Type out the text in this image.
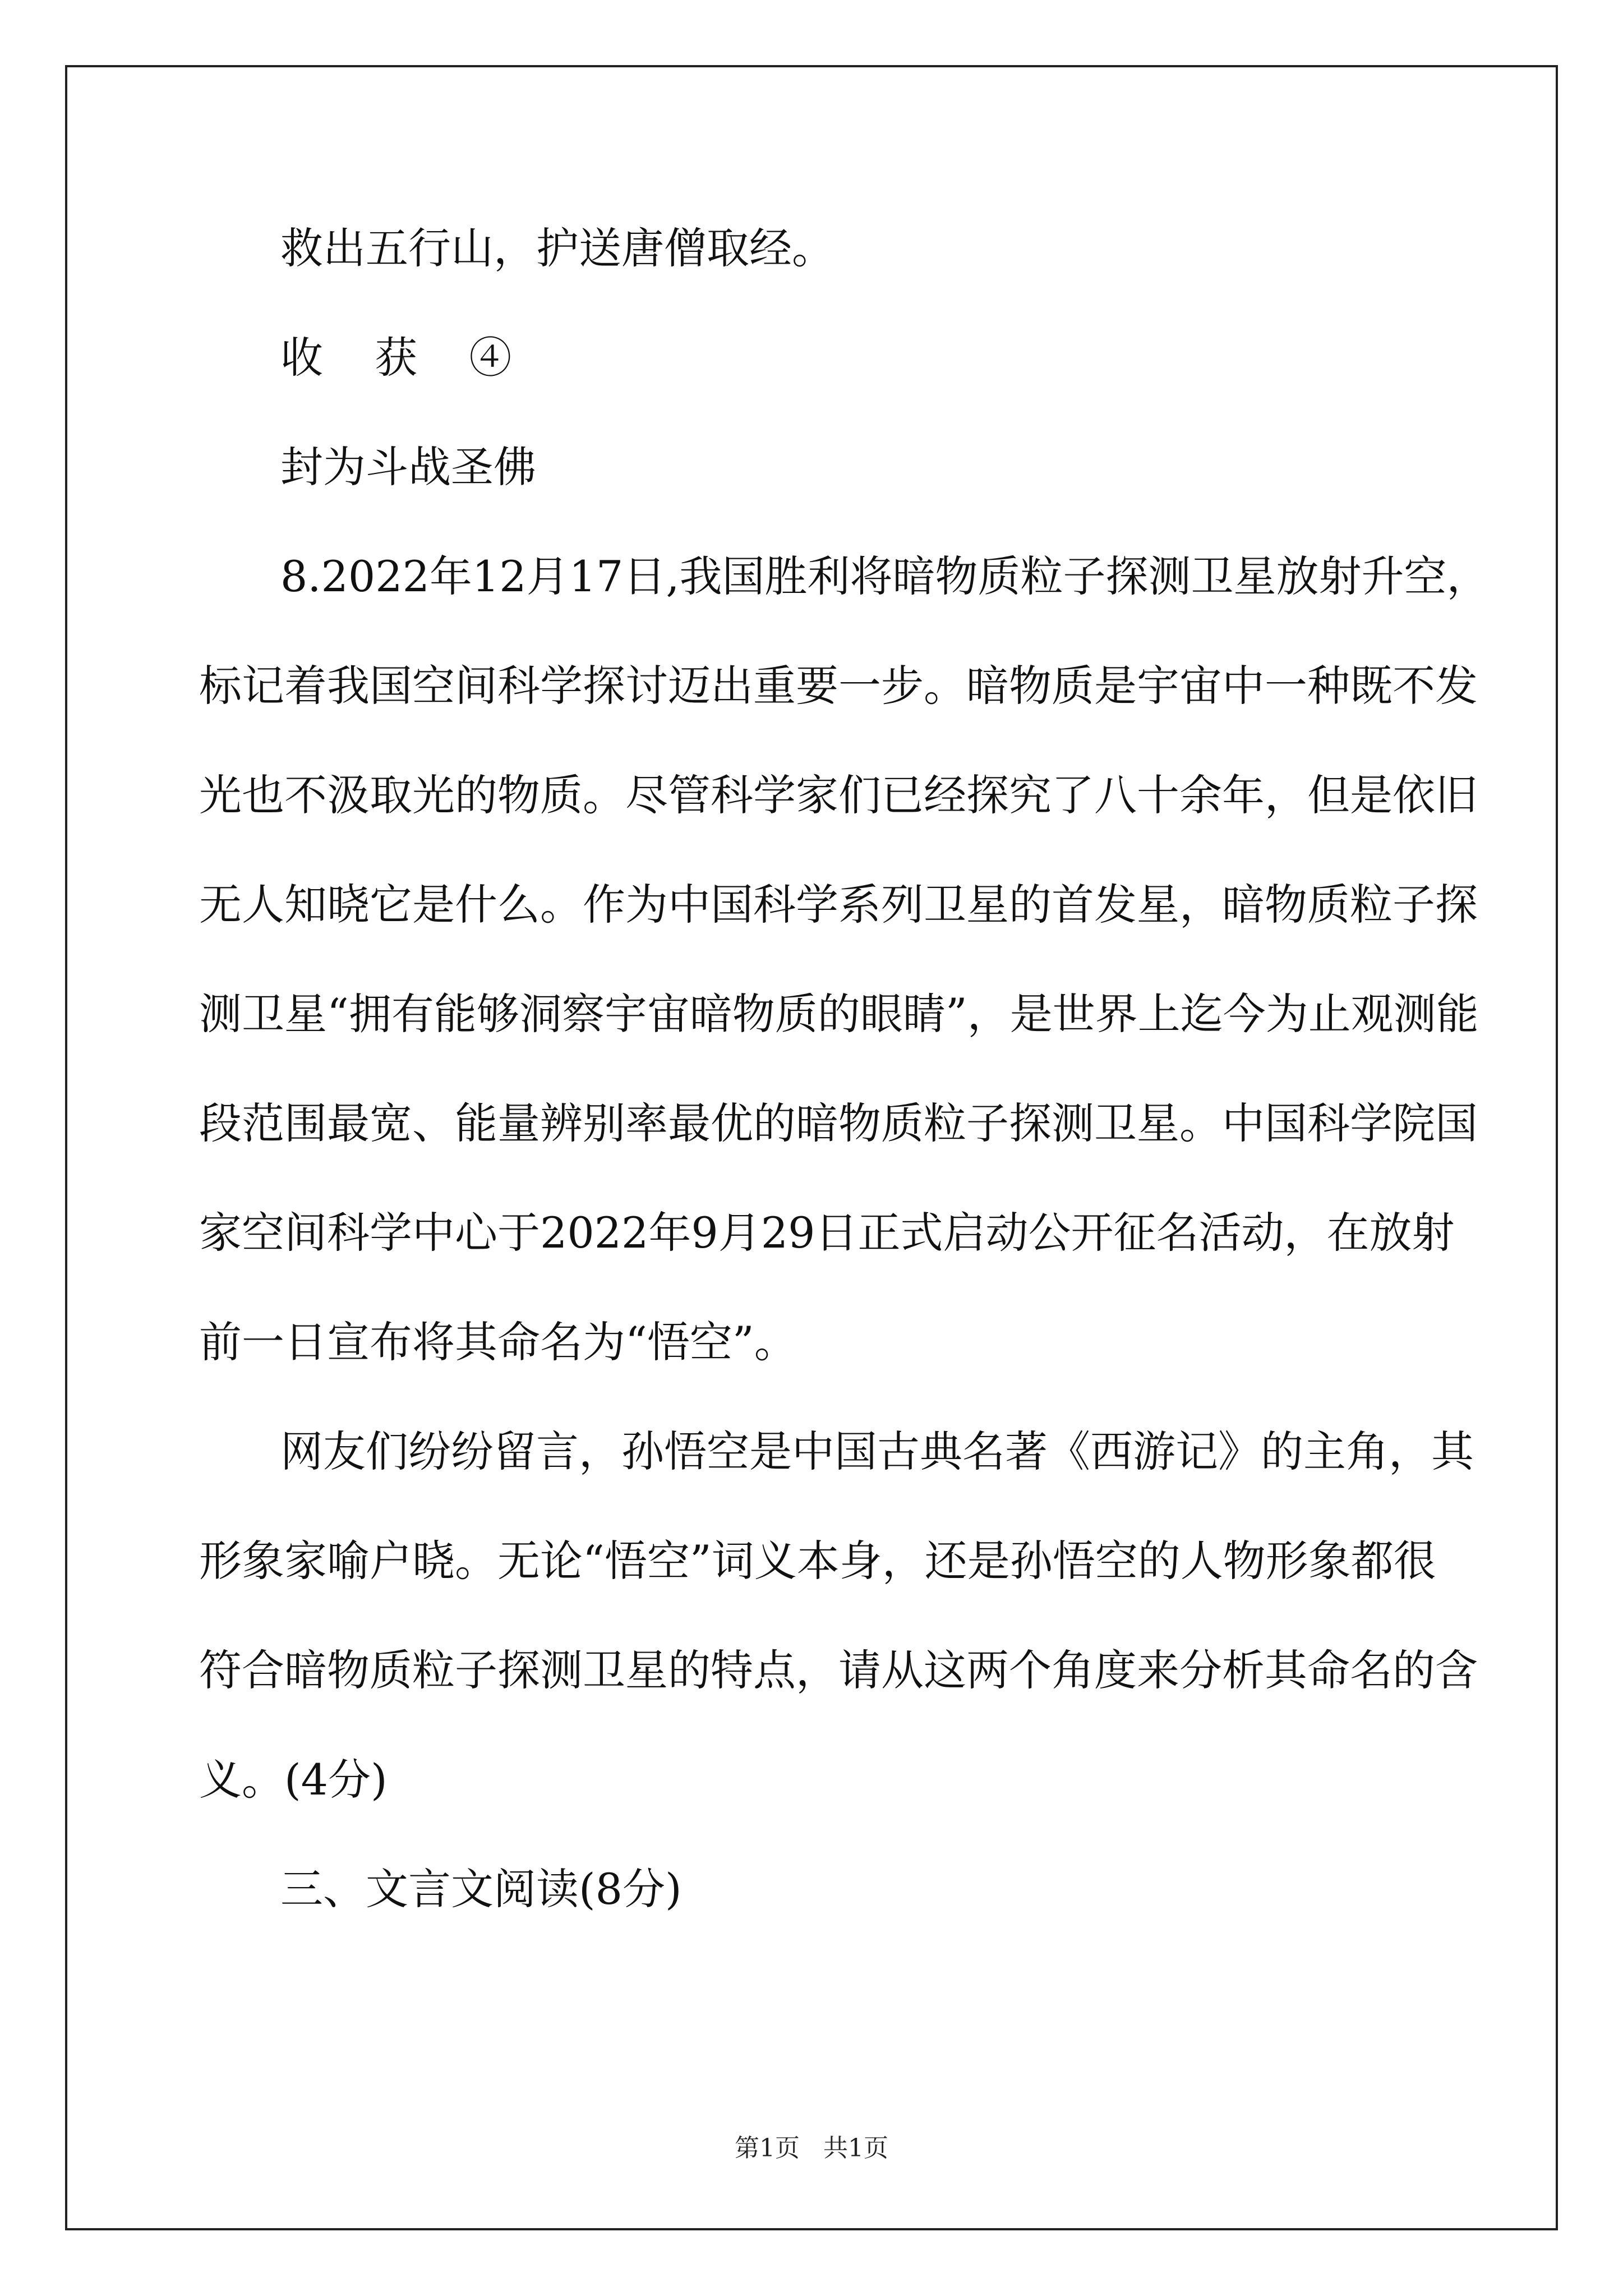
救出五行山，护送唐僧取经。
收 获 ④
封为斗战圣佛
8.2022年12月17日,我国胜利将暗物质粒子探测卫星放射升空，
标记着我国空间科学探讨迈出重要一步。暗物质是宇宙中一种既不发
光也不汲取光的物质。尽管科学家们已经探究了八十余年，但是依旧
无人知晓它是什么。作为中国科学系列卫星的首发星，暗物质粒子探
测卫星“拥有能够洞察宇宙暗物质的眼睛”，是世界上迄今为止观测能
段范围最宽、能量辨别率最优的暗物质粒子探测卫星。中国科学院国
家空间科学中心于2022年9月29日正式启动公开征名活动，在放射
前一日宣布将其命名为“悟空”。
网友们纷纷留言，孙悟空是中国古典名著《西游记》的主角，其
形象家喻户晓。无论“悟空”词义本身，还是孙悟空的人物形象都很
符合暗物质粒子探测卫星的特点，请从这两个角度来分析其命名的含
义。(4分)
三、文言文阅读(8分)
第1页   共1页
